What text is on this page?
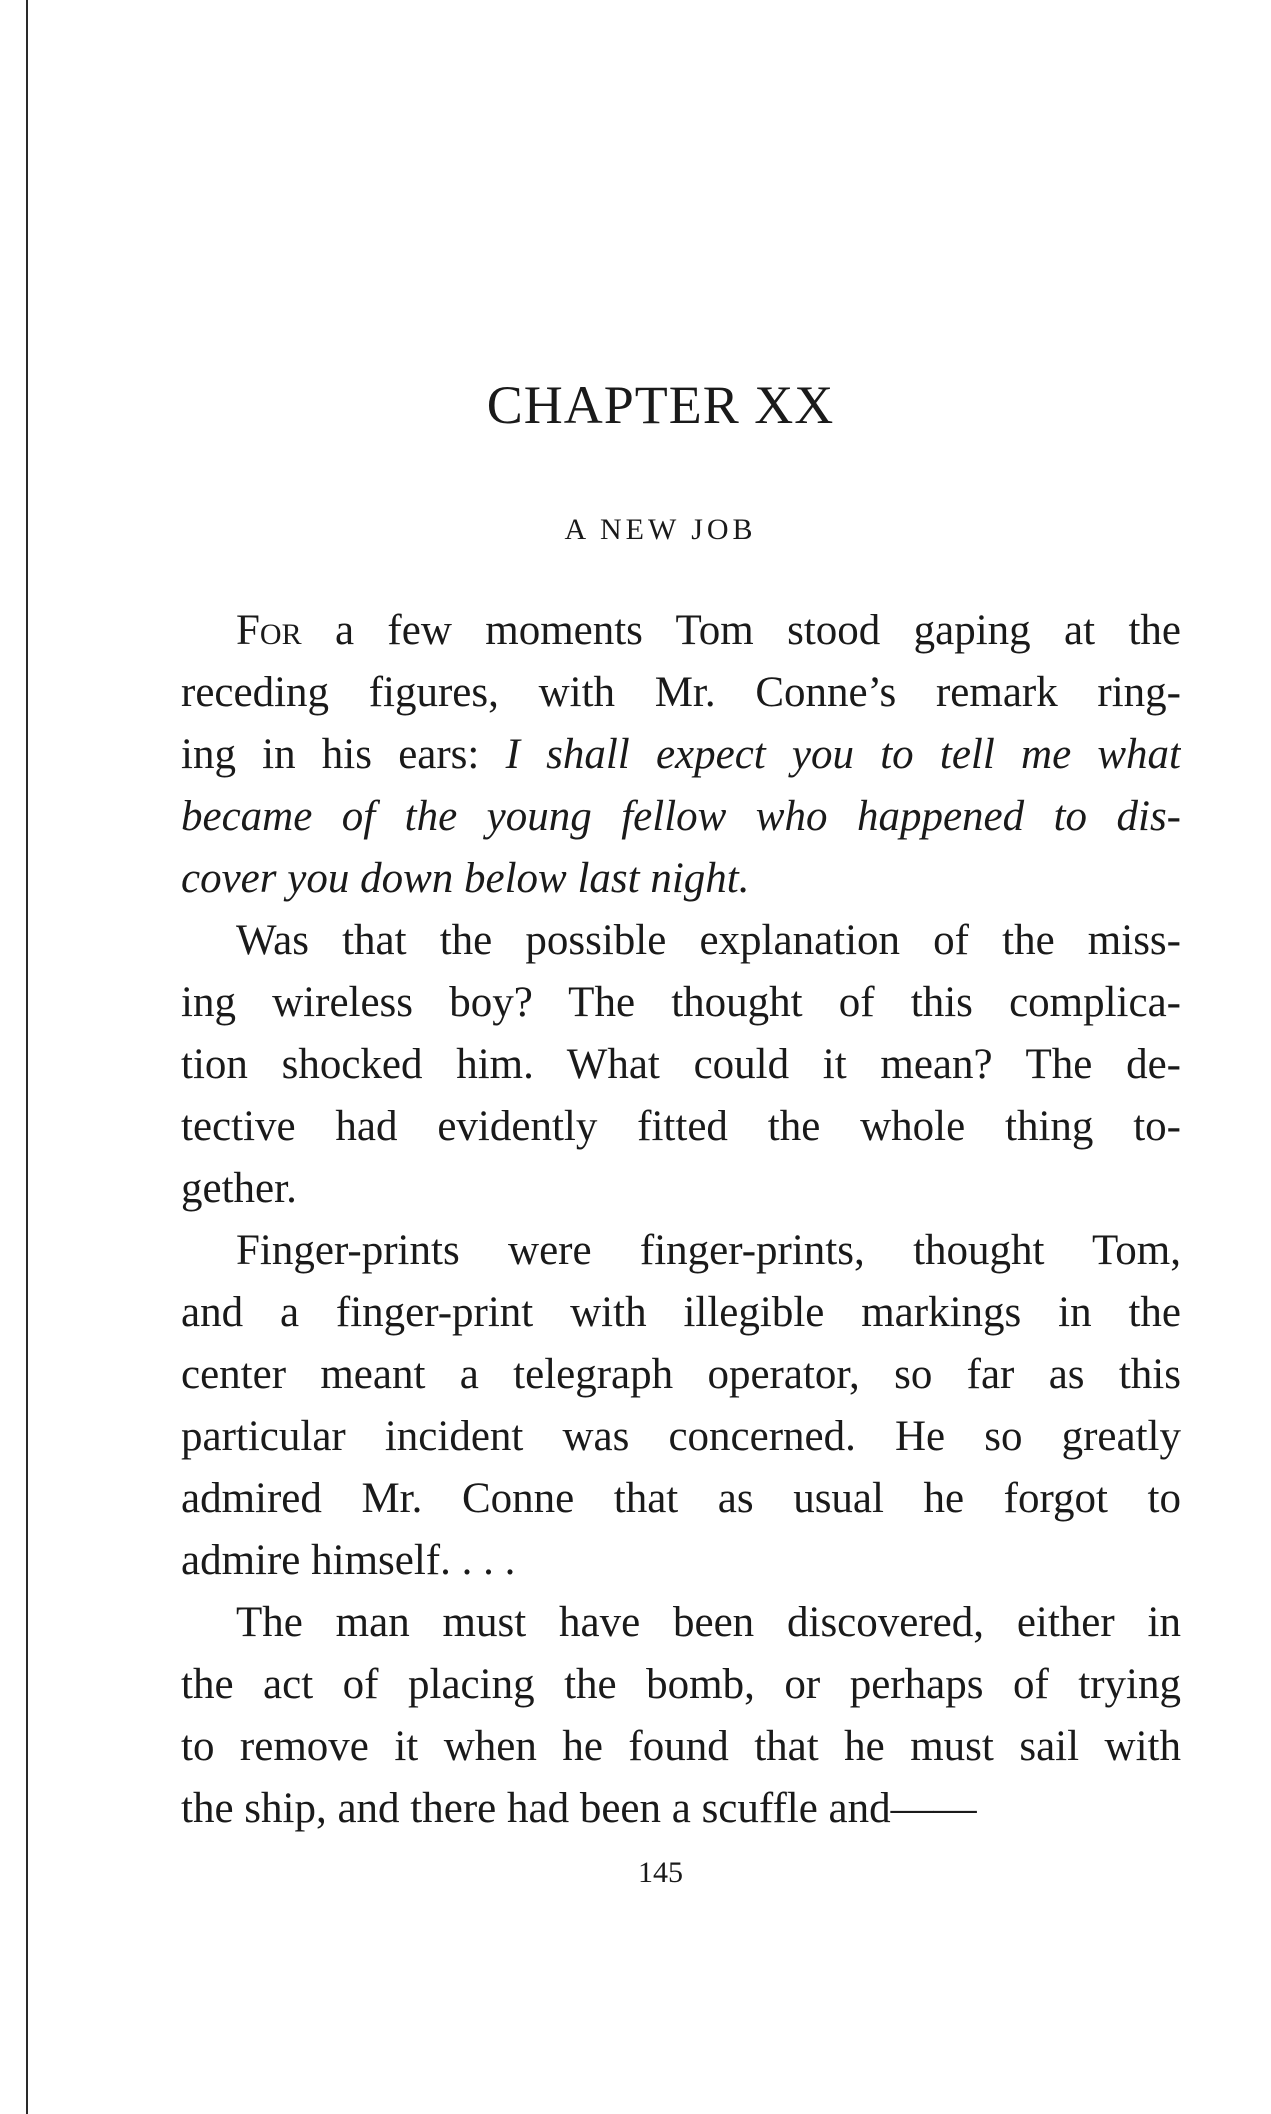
CHAPTER XX
A NEW JOB
For a few moments Tom stood gaping at the
receding figures, with Mr. Conne’s remark ring-
ing in his ears: I shall expect you to tell me what
became of the young fellow who happened to dis-
cover you down below last night.
Was that the possible explanation of the miss-
ing wireless boy? The thought of this complica-
tion shocked him. What could it mean? The de-
tective had evidently fitted the whole thing to-
gether.
Finger-prints were finger-prints, thought Tom,
and a finger-print with illegible markings in the
center meant a telegraph operator, so far as this
particular incident was concerned. He so greatly
admired Mr. Conne that as usual he forgot to
admire himself. . . .
The man must have been discovered, either in
the act of placing the bomb, or perhaps of trying
to remove it when he found that he must sail with
the ship, and there had been a scuffle and——
145
